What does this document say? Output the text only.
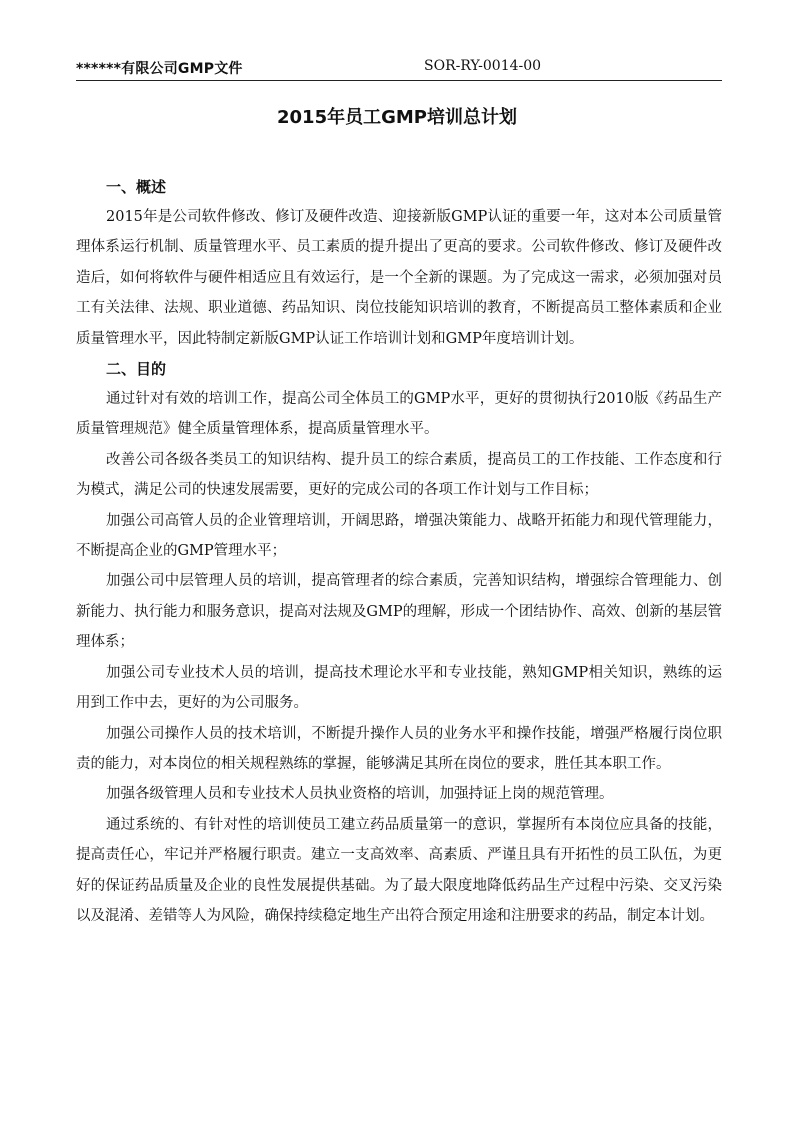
******有限公司GMP文件	SOR-RY-0014-00
2015年员工GMP培训总计划

一、概述

2015年是公司软件修改、修订及硬件改造、迎接新版GMP认证的重要一年，这对本公司质量管理体系运行机制、质量管理水平、员工素质的提升提出了更高的要求。公司软件修改、修订及硬件改造后，如何将软件与硬件相适应且有效运行，是一个全新的课题。为了完成这一需求，必须加强对员工有关法律、法规、职业道德、药品知识、岗位技能知识培训的教育，不断提高员工整体素质和企业质量管理水平，因此特制定新版GMP认证工作培训计划和GMP年度培训计划。

二、目的

通过针对有效的培训工作，提高公司全体员工的GMP水平，更好的贯彻执行2010版《药品生产质量管理规范》健全质量管理体系，提高质量管理水平。

改善公司各级各类员工的知识结构、提升员工的综合素质，提高员工的工作技能、工作态度和行为模式，满足公司的快速发展需要，更好的完成公司的各项工作计划与工作目标；

加强公司高管人员的企业管理培训，开阔思路，增强决策能力、战略开拓能力和现代管理能力，不断提高企业的GMP管理水平；

加强公司中层管理人员的培训，提高管理者的综合素质，完善知识结构，增强综合管理能力、创新能力、执行能力和服务意识，提高对法规及GMP的理解，形成一个团结协作、高效、创新的基层管理体系；

加强公司专业技术人员的培训，提高技术理论水平和专业技能，熟知GMP相关知识，熟练的运用到工作中去，更好的为公司服务。

加强公司操作人员的技术培训，不断提升操作人员的业务水平和操作技能，增强严格履行岗位职责的能力，对本岗位的相关规程熟练的掌握，能够满足其所在岗位的要求，胜任其本职工作。

加强各级管理人员和专业技术人员执业资格的培训，加强持证上岗的规范管理。

通过系统的、有针对性的培训使员工建立药品质量第一的意识，掌握所有本岗位应具备的技能，提高责任心，牢记并严格履行职责。建立一支高效率、高素质、严谨且具有开拓性的员工队伍，为更好的保证药品质量及企业的良性发展提供基础。为了最大限度地降低药品生产过程中污染、交叉污染以及混淆、差错等人为风险，确保持续稳定地生产出符合预定用途和注册要求的药品，制定本计划。
